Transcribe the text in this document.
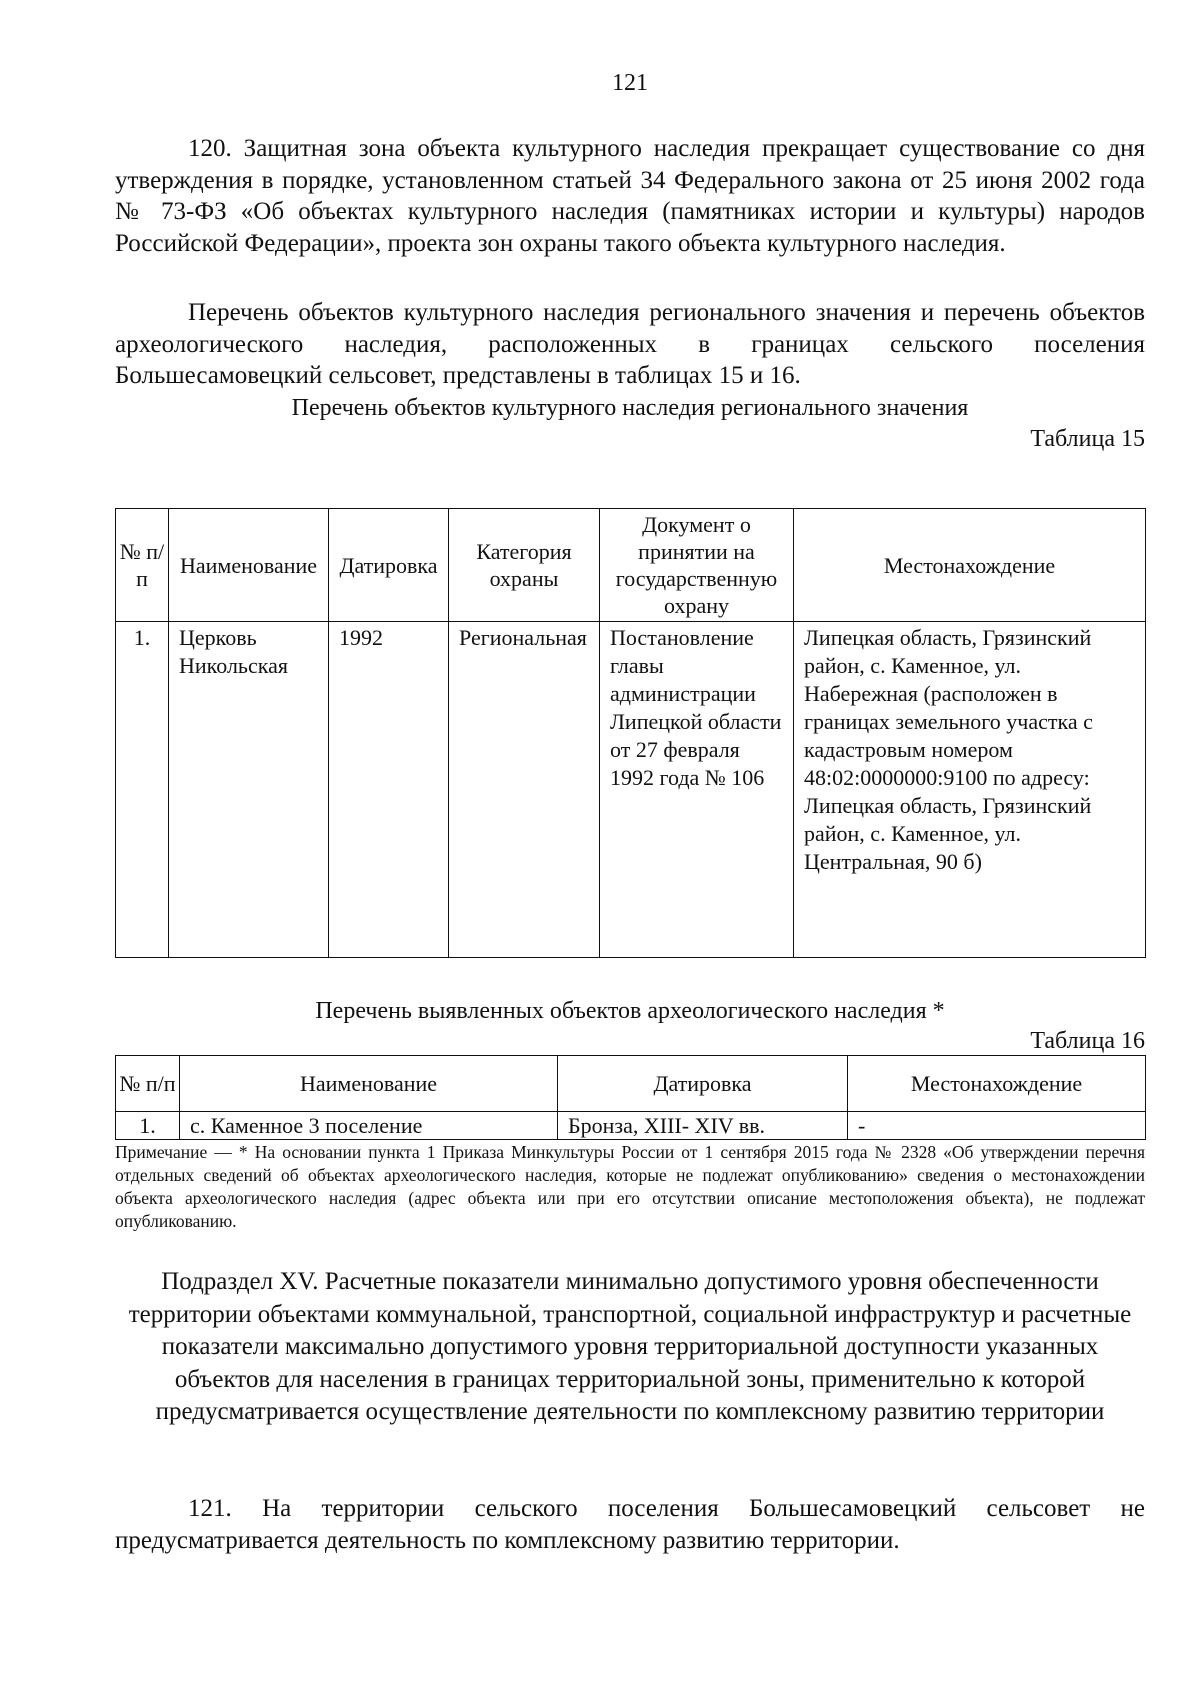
121

120. Защитная зона объекта культурного наследия прекращает существование со дня утверждения в порядке, установленном статьей 34 Федерального закона от 25 июня 2002 года № 73-ФЗ «Об объектах культурного наследия (памятниках истории и культуры) народов Российской Федерации», проекта зон охраны такого объекта культурного наследия.

Перечень объектов культурного наследия регионального значения и перечень объектов археологического наследия, расположенных в границах сельского поселения Большесамовецкий сельсовет, представлены в таблицах 15 и 16.

Перечень объектов культурного наследия регионального значения
Таблица 15
№ п/п	Наименование	Датировка	Категория охраны	Документ о принятии на государственную охрану	Местонахождение
1.	Церковь Никольская	1992	Региональная	Постановление главы администрации Липецкой области от 27 февраля 1992 года № 106	Липецкая область, Грязинский район, с. Каменное, ул. Набережная (расположен в границах земельного участка с кадастровым номером 48:02:0000000:9100 по адресу: Липецкая область, Грязинский район, с. Каменное, ул. Центральная, 90 б)
Перечень выявленных объектов археологического наследия *
Таблица 16
№ п/п	Наименование	Датировка	Местонахождение
1.	с. Каменное 3 поселение	Бронза, XIII- XIV вв.	-

Примечание — * На основании пункта 1 Приказа Минкультуры России от 1 сентября 2015 года № 2328 «Об утверждении перечня отдельных сведений об объектах археологического наследия, которые не подлежат опубликованию» сведения о местонахождении объекта археологического наследия (адрес объекта или при его отсутствии описание местоположения объекта), не подлежат опубликованию.

Подраздел XV. Расчетные показатели минимально допустимого уровня обеспеченности территории объектами коммунальной, транспортной, социальной инфраструктур и расчетные показатели максимально допустимого уровня территориальной доступности указанных объектов для населения в границах территориальной зоны, применительно к которой предусматривается осуществление деятельности по комплексному развитию территории

121. На территории сельского поселения Большесамовецкий сельсовет не предусматривается деятельность по комплексному развитию территории.
